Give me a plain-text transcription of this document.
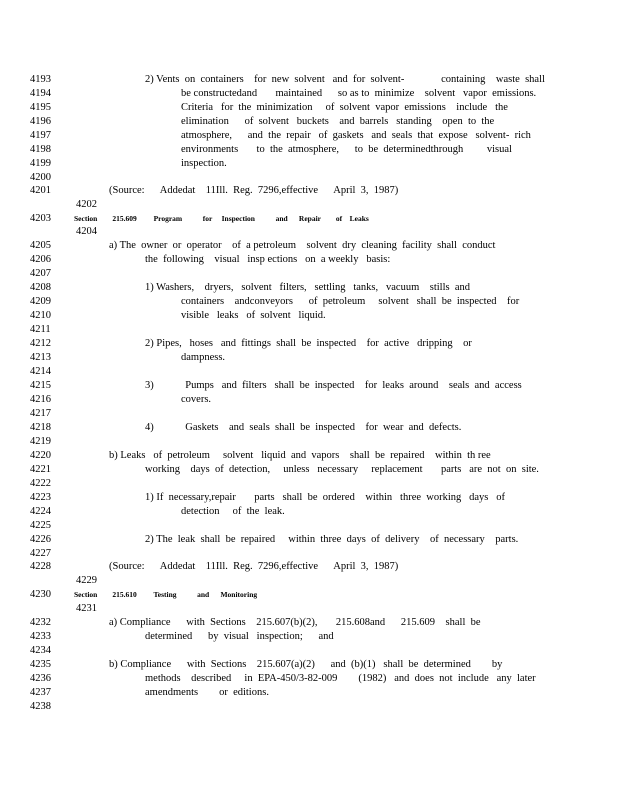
4193	2) Vents  on  containers    for  new  solvent   and  for  solvent-              containing    waste  shall
4194	be constructedand       maintained      so as to  minimize    solvent   vapor  emissions.
4195	Criteria   for  the  minimization     of  solvent  vapor  emissions    include   the
4196	elimination      of  solvent   buckets    and  barrels   standing    open  to  the
4197	atmosphere,      and  the  repair   of  gaskets   and  seals  that  expose   solvent-  rich
4198	environments       to  the  atmosphere,      to  be  determinedthrough         visual
4199	inspection.
4200
4201	(Source:      Addedat    11Ill.  Reg.  7296,effective      April  3,  1987)
4202
4203	Section        215.609         Program           for     Inspection           and      Repair        of    Leaks
4204
4205	a) The  owner  or  operator    of  a petroleum    solvent  dry  cleaning  facility  shall  conduct
4206	the  following    visual   insp ections   on  a weekly   basis:
4207
4208	1) Washers,    dryers,   solvent   filters,   settling   tanks,   vacuum    stills  and
4209	containers    andconveyors      of  petroleum     solvent   shall  be  inspected    for
4210	visible   leaks   of  solvent   liquid.
4211
4212	2) Pipes,   hoses   and  fittings  shall  be  inspected    for  active   dripping    or
4213	dampness.
4214
4215	3)            Pumps   and  filters   shall  be  inspected    for  leaks  around    seals  and  access
4216	covers.
4217
4218	4)            Gaskets    and  seals  shall  be  inspected    for  wear  and  defects.
4219
4220	b) Leaks   of  petroleum     solvent   liquid  and  vapors    shall  be  repaired    within  th ree
4221	working    days  of  detection,     unless   necessary     replacement       parts   are  not  on  site.
4222
4223	1) If  necessary,repair       parts   shall  be  ordered    within   three  working   days   of
4224	detection     of  the  leak.
4225
4226	2) The  leak  shall  be  repaired     within  three  days  of  delivery    of  necessary    parts.
4227
4228	(Source:      Addedat    11Ill.  Reg.  7296,effective      April  3,  1987)
4229
4230	Section        215.610         Testing           and      Monitoring
4231
4232	a) Compliance      with  Sections    215.607(b)(2),       215.608and      215.609    shall  be
4233	determined      by  visual   inspection;      and
4234
4235	b) Compliance      with  Sections    215.607(a)(2)      and  (b)(1)   shall  be  determined        by
4236	methods    described     in  EPA-450/3-82-009        (1982)   and  does  not  include   any  later
4237	amendments        or  editions.
4238
